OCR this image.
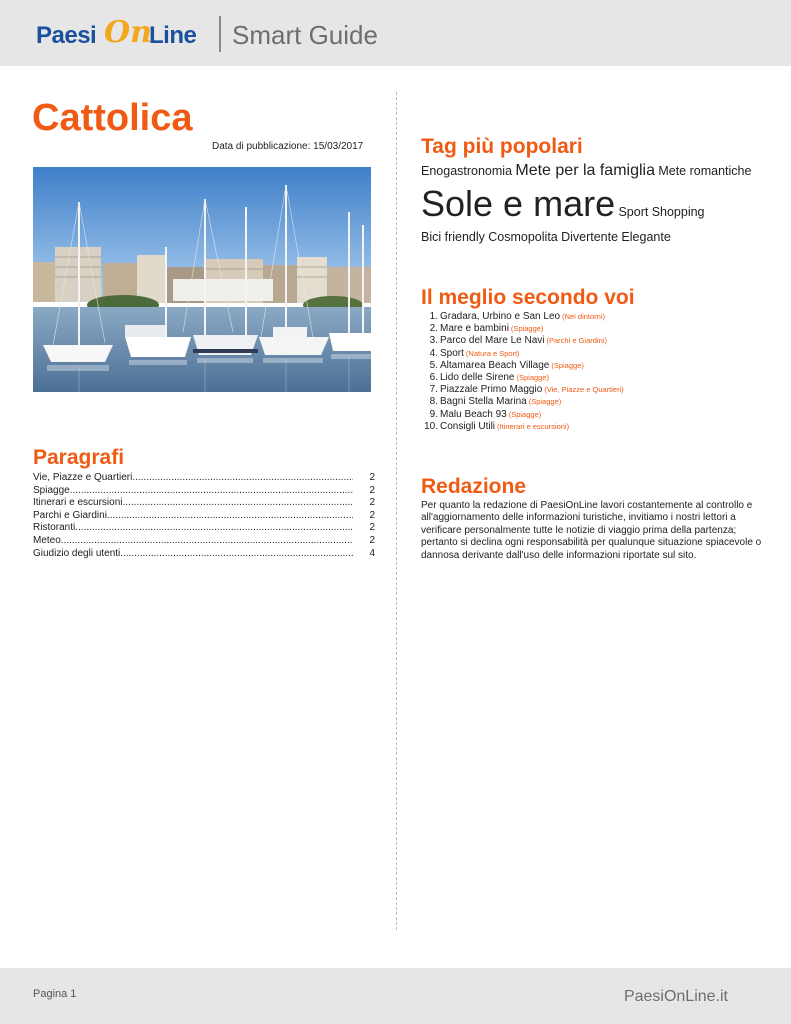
Paesi On
Line Smart Guide
Cattolica
Data di pubblicazione: 15/03/2017
Paragrafi
Vie, Piazze e Quartieri .....	2
Spiagge .....	2
Itinerari e escursioni .....	2
Parchi e Giardini .....	2
Ristoranti .....	2
Meteo .....	2
Giudizio degli utenti .....	4
Tag più popolari
Enogastronomia Mete per la famiglia Mete romantiche Sole e mare Sport Shopping Bici friendly Cosmopolita Divertente Elegante
Il meglio secondo voi
1. Gradara, Urbino e San Leo (Nei dintorni)
2. Mare e bambini (Spiagge)
3. Parco del Mare Le Navi (Parchi e Giardini)
4. Sport (Natura e Sport)
5. Altamarea Beach Village (Spiagge)
6. Lido delle Sirene (Spiagge)
7. Piazzale Primo Maggio (Vie, Piazze e Quartieri)
8. Bagni Stella Marina (Spiagge)
9. Malu Beach 93 (Spiagge)
10. Consigli Utili (Itinerari e escursioni)
Redazione
Per quanto la redazione di PaesiOnLine lavori costantemente al controllo e all'aggiornamento delle informazioni turistiche, invitiamo i nostri lettori a verificare personalmente tutte le notizie di viaggio prima della partenza; pertanto si declina ogni responsabilità per qualunque situazione spiacevole o dannosa derivante dall'uso delle informazioni riportate sul sito.
Pagina 1	PaesiOnLine.it
